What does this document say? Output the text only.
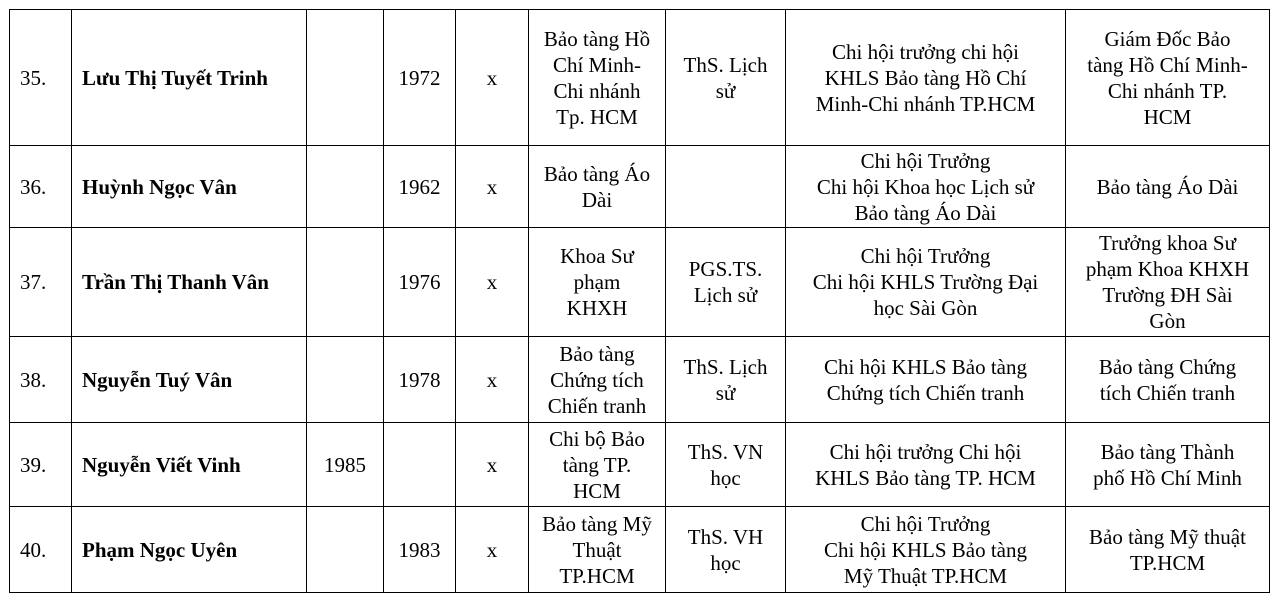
35.	Lưu Thị Tuyết Trinh		1972	x	Bảo tàng Hồ
Chí Minh-
Chi nhánh
Tp. HCM	ThS. Lịch
sử	Chi hội trưởng chi hội
KHLS Bảo tàng Hồ Chí
Minh-Chi nhánh TP.HCM	Giám Đốc Bảo
tàng Hồ Chí Minh-
Chi nhánh TP.
HCM
36.	Huỳnh Ngọc Vân		1962	x	Bảo tàng Áo
Dài		Chi hội Trưởng
Chi hội Khoa học Lịch sử
Bảo tàng Áo Dài	Bảo tàng Áo Dài
37.	Trần Thị Thanh Vân		1976	x	Khoa Sư
phạm
KHXH	PGS.TS.
Lịch sử	Chi hội Trưởng
Chi hội KHLS Trường Đại
học Sài Gòn	Trưởng khoa Sư
phạm Khoa KHXH
Trường ĐH Sài
Gòn
38.	Nguyễn Tuý Vân		1978	x	Bảo tàng
Chứng tích
Chiến tranh	ThS. Lịch
sử	Chi hội KHLS Bảo tàng
Chứng tích Chiến tranh	Bảo tàng Chứng
tích Chiến tranh
39.	Nguyễn Viết Vinh	1985		x	Chi bộ Bảo
tàng TP.
HCM	ThS. VN
học	Chi hội trưởng Chi hội
KHLS Bảo tàng TP. HCM	Bảo tàng Thành
phố Hồ Chí Minh
40.	Phạm Ngọc Uyên		1983	x	Bảo tàng Mỹ
Thuật
TP.HCM	ThS. VH
học	Chi hội Trưởng
Chi hội KHLS Bảo tàng
Mỹ Thuật TP.HCM	Bảo tàng Mỹ thuật
TP.HCM
